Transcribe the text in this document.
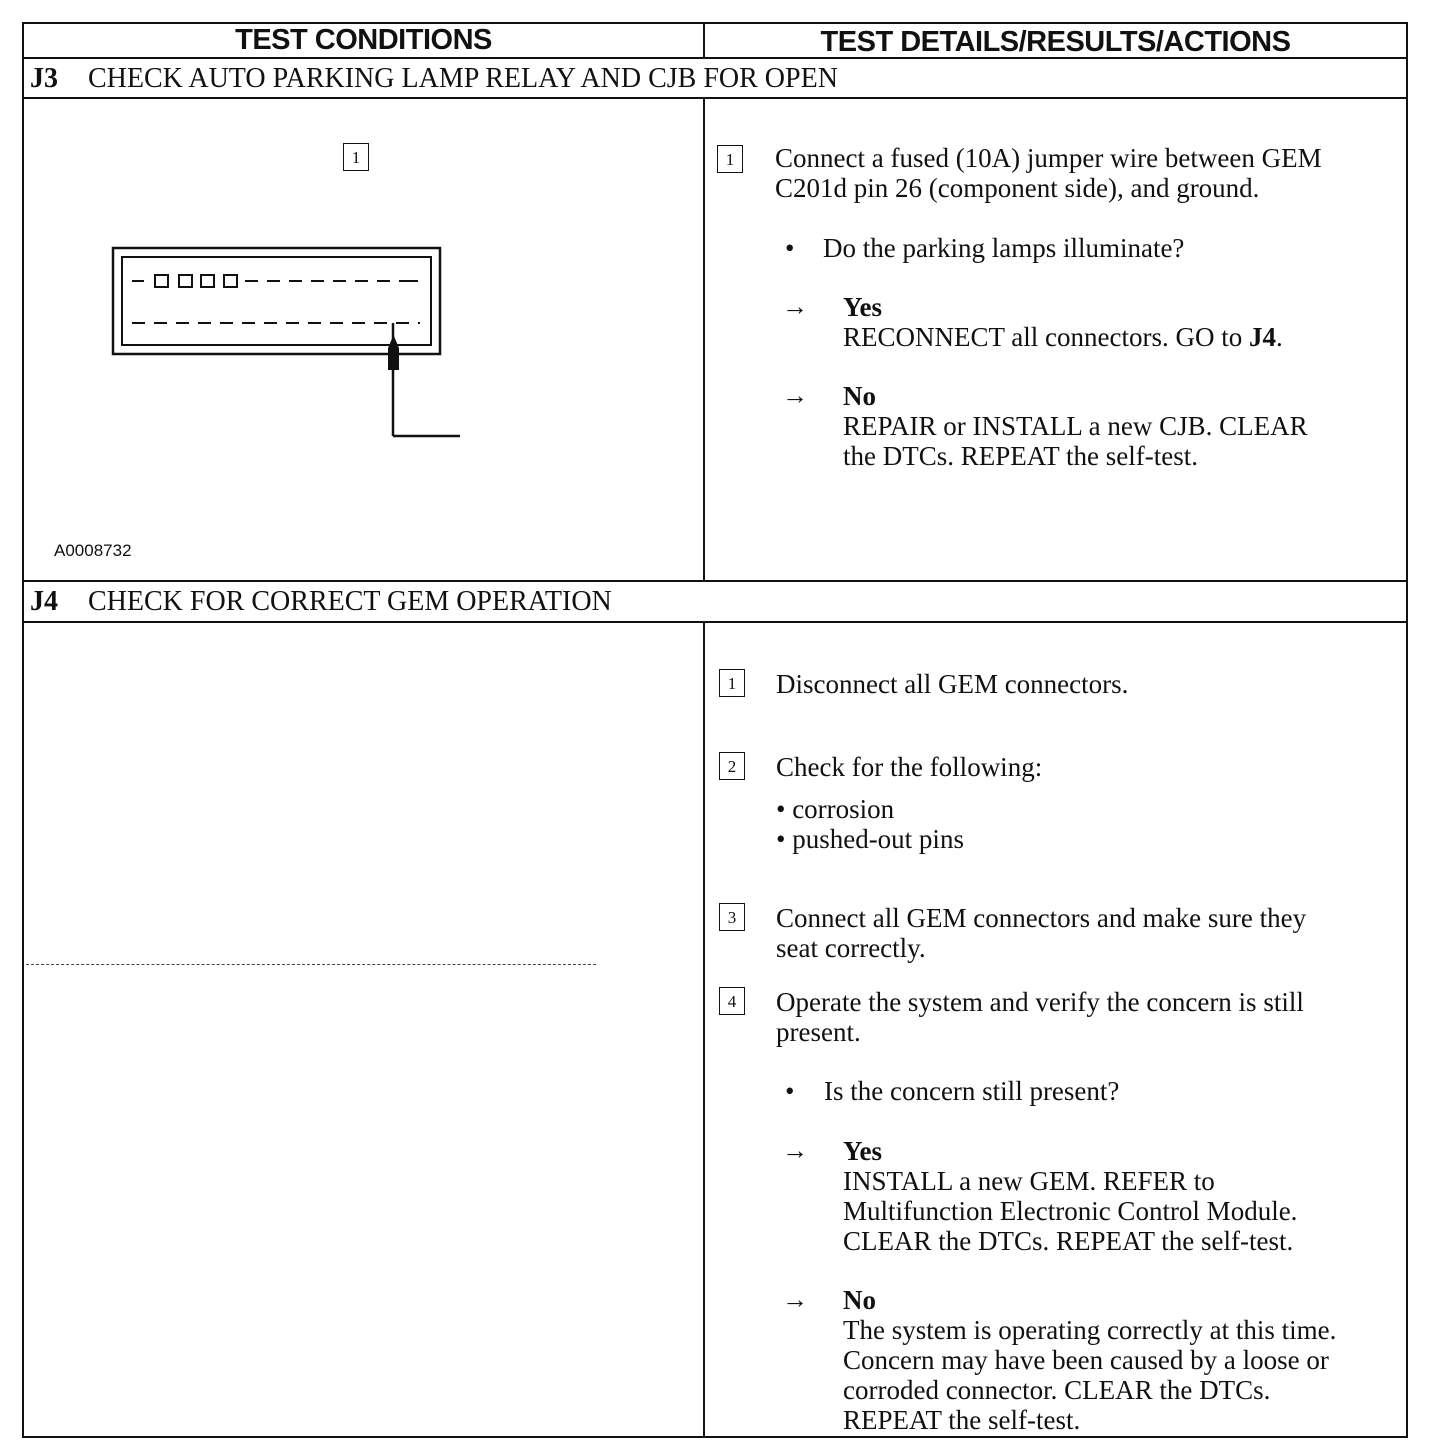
TEST CONDITIONS	TEST DETAILS/RESULTS/ACTIONS
J3 CHECK AUTO PARKING LAMP RELAY AND CJB FOR OPEN
1
A0008732
1	Connect a fused (10A) jumper wire between GEM
C201d pin 26 (component side), and ground.
• Do the parking lamps illuminate?
→ Yes
RECONNECT all connectors. GO to J4.
→ No
REPAIR or INSTALL a new CJB. CLEAR
the DTCs. REPEAT the self-test.
J4 CHECK FOR CORRECT GEM OPERATION
1	Disconnect all GEM connectors.
2	Check for the following:
• corrosion
• pushed-out pins
3	Connect all GEM connectors and make sure they
seat correctly.
4	Operate the system and verify the concern is still
present.
• Is the concern still present?
→ Yes
INSTALL a new GEM. REFER to
Multifunction Electronic Control Module.
CLEAR the DTCs. REPEAT the self-test.
→ No
The system is operating correctly at this time.
Concern may have been caused by a loose or
corroded connector. CLEAR the DTCs.
REPEAT the self-test.
